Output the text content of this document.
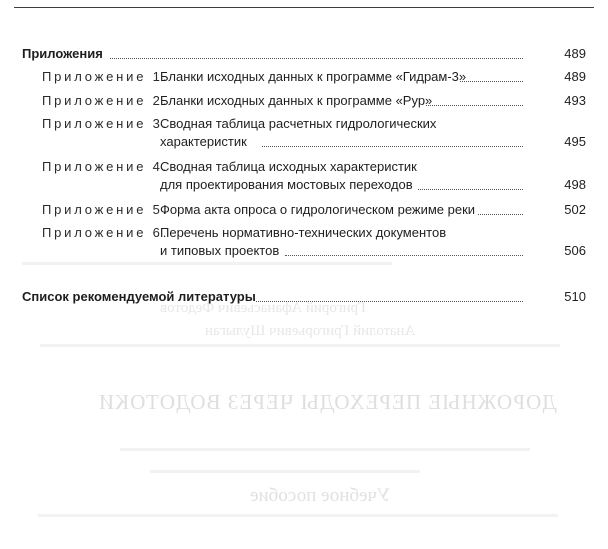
Григорий Афанасьевич Федотов
Анатолий Григорьевич Шулыган
ДОРОЖНЫЕ ПЕРЕХОДЫ ЧЕРЕЗ ВОДОТОКИ
Учебное пособие
Приложения	489
Приложение 1.
Бланки исходных данных к программе «Гидрам-3»	489
Приложение 2.
Бланки исходных данных к программе «Рур»	493
Приложение 3.
Сводная таблица расчетных гидрологических
характеристик	495
Приложение 4.
Сводная таблица исходных характеристик
для проектирования мостовых переходов	498
Приложение 5.
Форма акта опроса о гидрологическом режиме реки	502
Приложение 6.
Перечень нормативно-технических документов
и типовых проектов	506
Список рекомендуемой литературы	510
